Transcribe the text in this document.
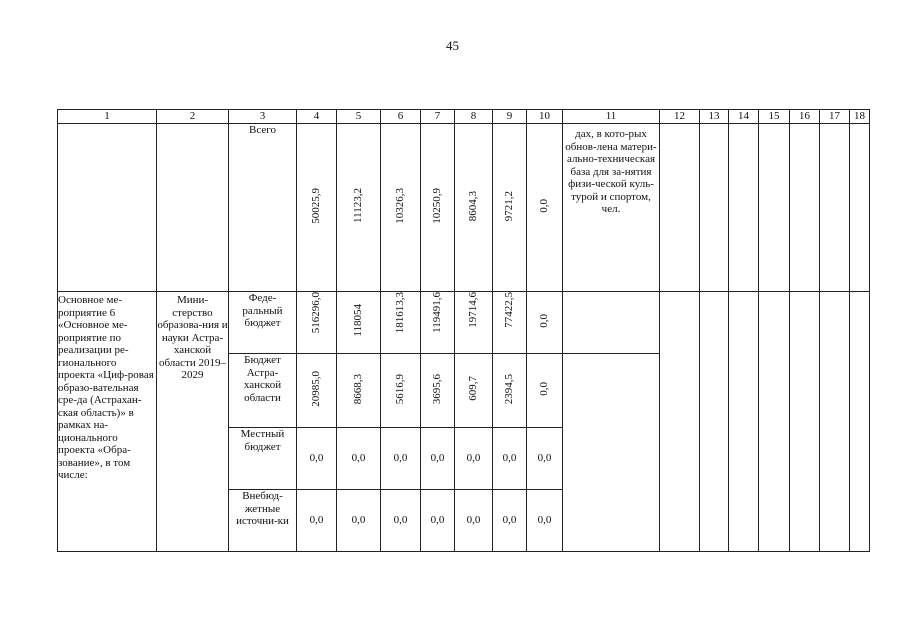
45
1	2	3	4	5	6	7	8	9	10	11	12	13	14	15	16	17	18
		Всего	50025,9	11123,2	10326,3	10250,9	8604,3	9721,2	0,0	дах, в кото-рых обнов-лена матери-ально-техническая база для за-нятия физи-ческой куль-турой и спортом, чел.							
Основное ме-роприятие 6 «Основное ме-роприятие по реализации ре-гионального проекта «Циф-ровая образо-вательная сре-да (Астрахан-ская область)» в рамках на-ционального проекта «Обра-зование», в том числе:	Мини-стерство образова-ния и науки Астра-ханской области 2019–2029	Феде-ральный бюджет	516296,0	118054	181613,3	119491,6	19714,6	77422,5	0,0								
		Бюджет Астра-ханской области	20985,0	8668,3	5616,9	3695,6	609,7	2394,5	0,0								
		Местный бюджет	0,0	0,0	0,0	0,0	0,0	0,0	0,0								
		Внебюд-жетные источни-ки	0,0	0,0	0,0	0,0	0,0	0,0	0,0								
